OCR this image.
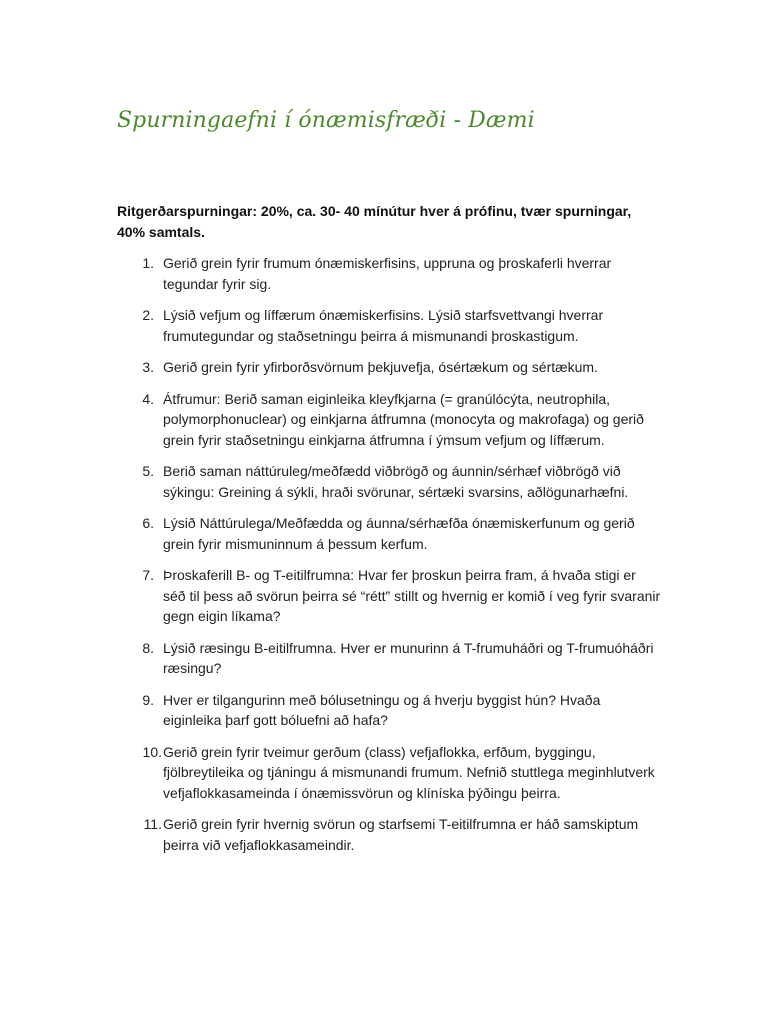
Spurningaefni í ónæmisfræði - Dæmi

Ritgerðarspurningar: 20%, ca. 30- 40 mínútur hver á prófinu, tvær spurningar, 40% samtals.

1. Gerið grein fyrir frumum ónæmiskerfisins, uppruna og þroskaferli hverrar tegundar fyrir sig.
2. Lýsið vefjum og líffærum ónæmiskerfisins. Lýsið starfsvettvangi hverrar frumutegundar og staðsetningu þeirra á mismunandi þroskastigum.
3. Gerið grein fyrir yfirborðsvörnum þekjuvefja, ósértækum og sértækum.
4. Átfrumur: Berið saman eiginleika kleyfkjarna (= granúlócýta, neutrophila, polymorphonuclear) og einkjarna átfrumna (monocyta og makrofaga) og gerið grein fyrir staðsetningu einkjarna átfrumna í ýmsum vefjum og líffærum.
5. Berið saman náttúruleg/meðfædd viðbrögð og áunnin/sérhæf viðbrögð við sýkingu: Greining á sýkli, hraði svörunar, sértæki svarsins, aðlögunarhæfni.
6. Lýsið Náttúrulega/Meðfædda og áunna/sérhæfða ónæmiskerfunum og gerið grein fyrir mismuninnum á þessum kerfum.
7. Þroskaferill B- og T-eitilfrumna: Hvar fer þroskun þeirra fram, á hvaða stigi er séð til þess að svörun þeirra sé “rétt” stillt og hvernig er komið í veg fyrir svaranir gegn eigin líkama?
8. Lýsið ræsingu B-eitilfrumna. Hver er munurinn á T-frumuháðri og T-frumuóháðri ræsingu?
9. Hver er tilgangurinn með bólusetningu og á hverju byggist hún? Hvaða eiginleika þarf gott bóluefni að hafa?
10. Gerið grein fyrir tveimur gerðum (class) vefjaflokka, erfðum, byggingu, fjölbreytileika og tjáningu á mismunandi frumum. Nefnið stuttlega meginhlutverk vefjaflokkasameinda í ónæmissvörun og klíníska þýðingu þeirra.
11. Gerið grein fyrir hvernig svörun og starfsemi T-eitilfrumna er háð samskiptum þeirra við vefjaflokkasameindir.
